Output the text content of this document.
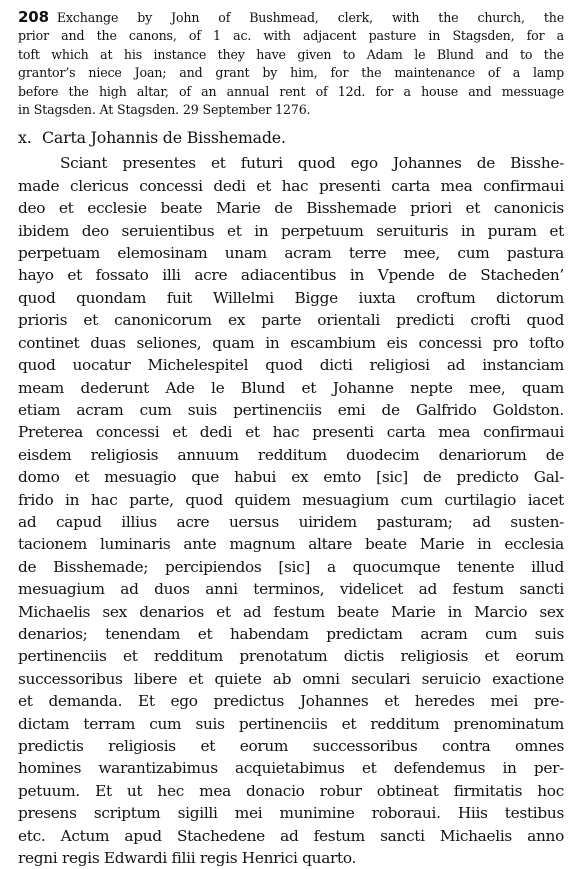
208 Exchange by John of Bushmead, clerk, with the church, the
prior and the canons, of 1 ac. with adjacent pasture in Stagsden, for a
toft which at his instance they have given to Adam le Blund and to the
grantor’s niece Joan; and grant by him, for the maintenance of a lamp
before the high altar, of an annual rent of 12d. for a house and messuage
in Stagsden. At Stagsden. 29 September 1276.
x. Carta Johannis de Bisshemade.
Sciant presentes et futuri quod ego Johannes de Bisshe-
made clericus concessi dedi et hac presenti carta mea confirmaui
deo et ecclesie beate Marie de Bisshemade priori et canonicis
ibidem deo seruientibus et in perpetuum seruituris in puram et
perpetuam elemosinam unam acram terre mee, cum pastura
hayo et fossato illi acre adiacentibus in Vpende de Stacheden’
quod quondam fuit Willelmi Bigge iuxta croftum dictorum
prioris et canonicorum ex parte orientali predicti crofti quod
continet duas seliones, quam in escambium eis concessi pro tofto
quod uocatur Michelespitel quod dicti religiosi ad instanciam
meam dederunt Ade le Blund et Johanne nepte mee, quam
etiam acram cum suis pertinenciis emi de Galfrido Goldston.
Preterea concessi et dedi et hac presenti carta mea confirmaui
eisdem religiosis annuum redditum duodecim denariorum de
domo et mesuagio que habui ex emto [sic] de predicto Gal-
frido in hac parte, quod quidem mesuagium cum curtilagio iacet
ad capud illius acre uersus uiridem pasturam; ad susten-
tacionem luminaris ante magnum altare beate Marie in ecclesia
de Bisshemade; percipiendos [sic] a quocumque tenente illud
mesuagium ad duos anni terminos, videlicet ad festum sancti
Michaelis sex denarios et ad festum beate Marie in Marcio sex
denarios; tenendam et habendam predictam acram cum suis
pertinenciis et redditum prenotatum dictis religiosis et eorum
successoribus libere et quiete ab omni seculari seruicio exactione
et demanda. Et ego predictus Johannes et heredes mei pre-
dictam terram cum suis pertinenciis et redditum prenominatum
predictis religiosis et eorum successoribus contra omnes
homines warantizabimus acquietabimus et defendemus in per-
petuum. Et ut hec mea donacio robur obtineat firmitatis hoc
presens scriptum sigilli mei munimine roboraui. Hiis testibus
etc. Actum apud Stachedene ad festum sancti Michaelis anno
regni regis Edwardi filii regis Henrici quarto.
